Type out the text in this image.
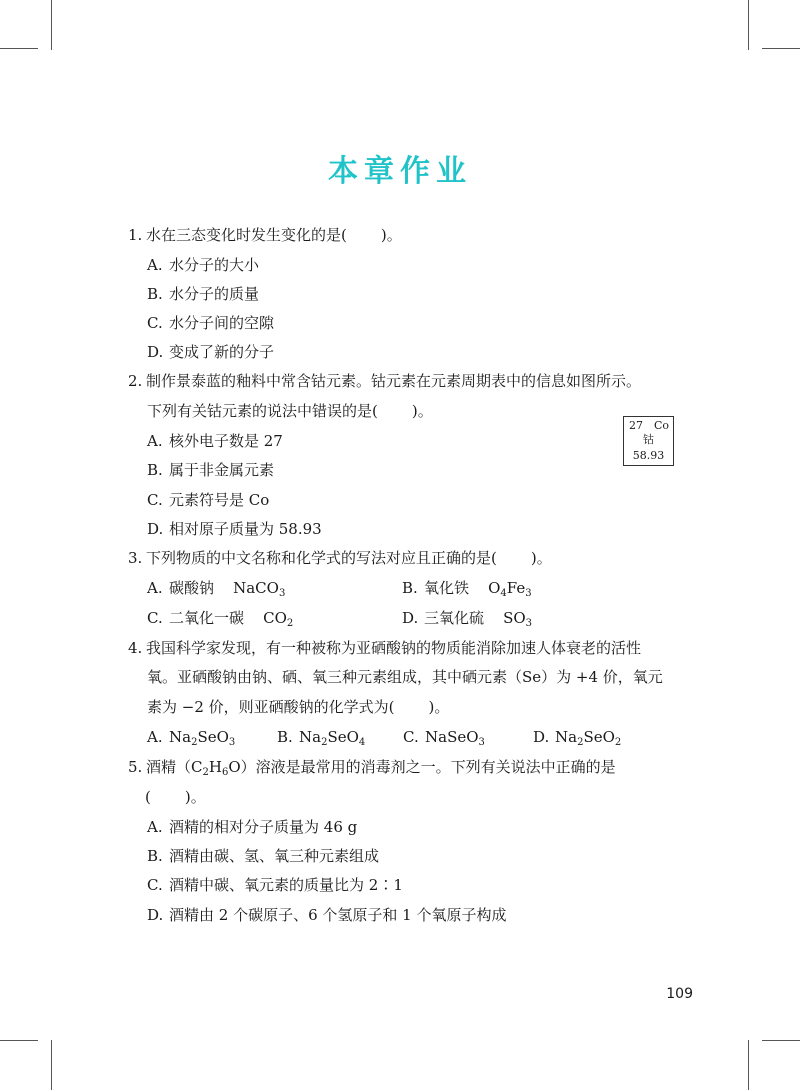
本章作业
1. 水在三态变化时发生变化的是( )。
A. 水分子的大小
B. 水分子的质量
C. 水分子间的空隙
D. 变成了新的分子
2. 制作景泰蓝的釉料中常含钴元素。钴元素在元素周期表中的信息如图所示。
下列有关钴元素的说法中错误的是( )。
A. 核外电子数是 27
B. 属于非金属元素
C. 元素符号是 Co
D. 相对原子质量为 58.93
27 Co
钴
58.93
3. 下列物质的中文名称和化学式的写法对应且正确的是( )。
A. 碳酸钠 NaCO$_3$	B. 氧化铁 $O_4Fe_3$
C. 二氧化一碳 $CO_2$	D. 三氧化硫 $SO_3$
4. 我国科学家发现，有一种被称为亚硒酸钠的物质能消除加速人体衰老的活性
氧。亚硒酸钠由钠、硒、氧三种元素组成，其中硒元素（Se）为 +4 价，氧元
素为 −2 价，则亚硒酸钠的化学式为( )。
A. $Na_2SeO_3$	B. $Na_2SeO_4$	C. NaSeO$_3$	D. $Na_2SeO_2$
5. 酒精$(C_2H_6O)$溶液是最常用的消毒剂之一。下列有关说法中正确的是
( )。
A. 酒精的相对分子质量为 46 g
B. 酒精由碳、氢、氧三种元素组成
C. 酒精中碳、氧元素的质量比为 2∶1
D. 酒精由 2 个碳原子、6 个氢原子和 1 个氧原子构成
109
